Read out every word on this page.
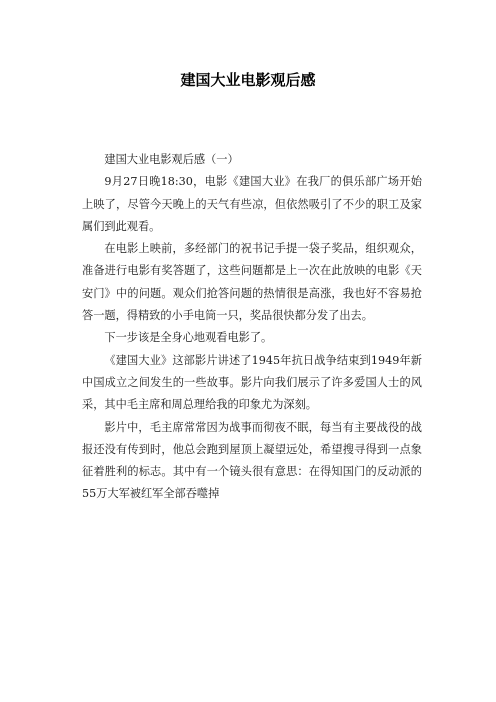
建国大业电影观后感

建国大业电影观后感（一）

9月27日晚18:30，电影《建国大业》在我厂的俱乐部广场开始上映了，尽管今天晚上的天气有些凉，但依然吸引了不少的职工及家属们到此观看。

在电影上映前，多经部门的祝书记手提一袋子奖品，组织观众，准备进行电影有奖答题了，这些问题都是上一次在此放映的电影《天安门》中的问题。观众们抢答问题的热情很是高涨，我也好不容易抢答一题，得精致的小手电筒一只，奖品很快都分发了出去。

下一步该是全身心地观看电影了。

《建国大业》这部影片讲述了1945年抗日战争结束到1949年新中国成立之间发生的一些故事。影片向我们展示了许多爱国人士的风采，其中毛主席和周总理给我的印象尤为深刻。

影片中，毛主席常常因为战事而彻夜不眠，每当有主要战役的战报还没有传到时，他总会跑到屋顶上凝望远处，希望搜寻得到一点象征着胜利的标志。其中有一个镜头很有意思：在得知国门的反动派的55万大军被红军全部吞噬掉
